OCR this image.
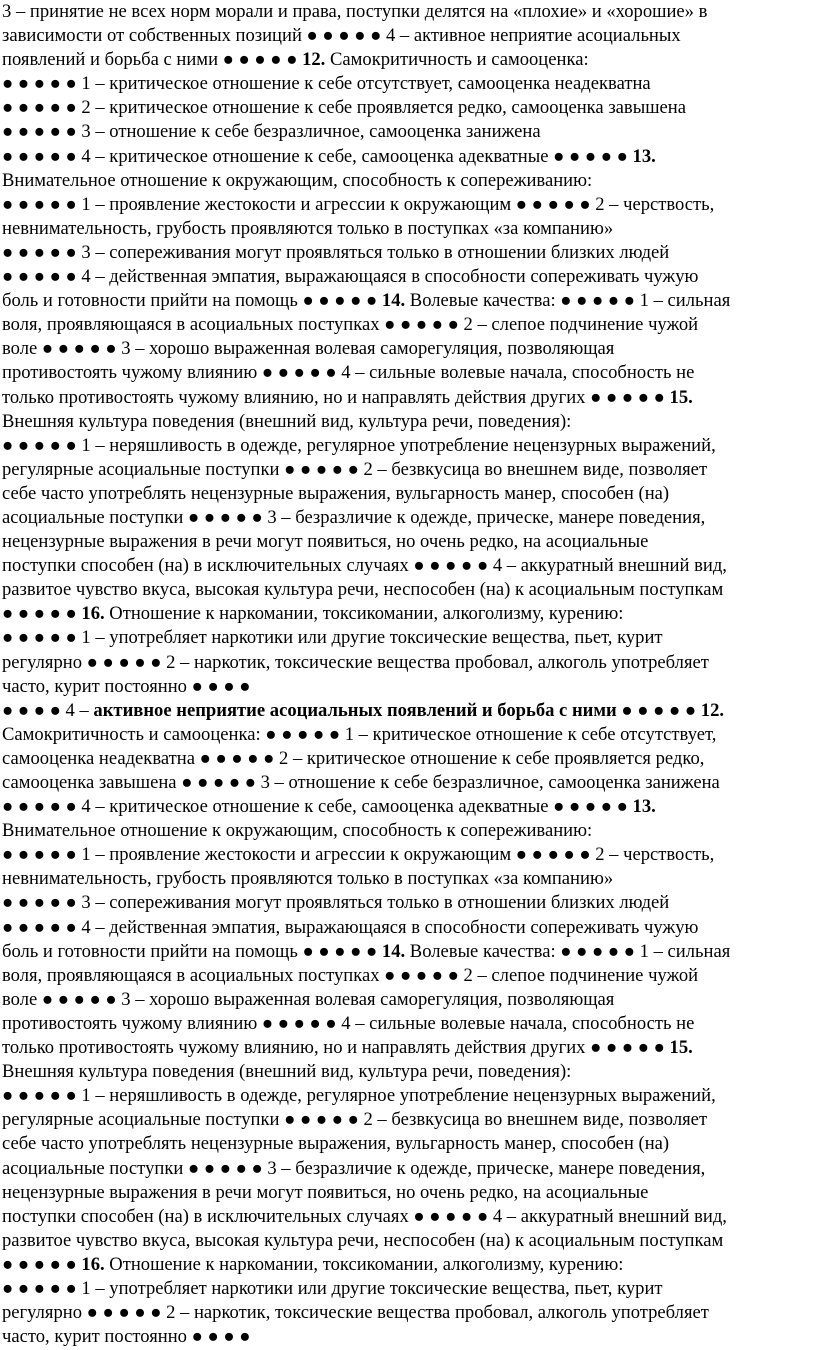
3 – принятие не всех норм морали и права, поступки делятся на «плохие» и «хорошие» в
зависимости от собственных позиций ● ● ● ● ● 4 – активное неприятие асоциальных
появлений и борьба с ними ● ● ● ● ● 12. Самокритичность и самооценка:
● ● ● ● ● 1 – критическое отношение к себе отсутствует, самооценка неадекватна
● ● ● ● ● 2 – критическое отношение к себе проявляется редко, самооценка завышена
● ● ● ● ● 3 – отношение к себе безразличное, самооценка занижена
● ● ● ● ● 4 – критическое отношение к себе, самооценка адекватные ● ● ● ● ● 13.
Внимательное отношение к окружающим, способность к сопереживанию:
● ● ● ● ● 1 – проявление жестокости и агрессии к окружающим ● ● ● ● ● 2 – черствость,
невнимательность, грубость проявляются только в поступках «за компанию»
● ● ● ● ● 3 – сопереживания могут проявляться только в отношении близких людей
● ● ● ● ● 4 – действенная эмпатия, выражающаяся в способности сопереживать чужую
боль и готовности прийти на помощь ● ● ● ● ● 14. Волевые качества: ● ● ● ● ● 1 – сильная
воля, проявляющаяся в асоциальных поступках ● ● ● ● ● 2 – слепое подчинение чужой
воле ● ● ● ● ● 3 – хорошо выраженная волевая саморегуляция, позволяющая
противостоять чужому влиянию ● ● ● ● ● 4 – сильные волевые начала, способность не
только противостоять чужому влиянию, но и направлять действия других ● ● ● ● ● 15.
Внешняя культура поведения (внешний вид, культура речи, поведения):
● ● ● ● ● 1 – неряшливость в одежде, регулярное употребление нецензурных выражений,
регулярные асоциальные поступки ● ● ● ● ● 2 – безвкусица во внешнем виде, позволяет
себе часто употреблять нецензурные выражения, вульгарность манер, способен (на)
асоциальные поступки ● ● ● ● ● 3 – безразличие к одежде, прическе, манере поведения,
нецензурные выражения в речи могут появиться, но очень редко, на асоциальные
поступки способен (на) в исключительных случаях ● ● ● ● ● 4 – аккуратный внешний вид,
развитое чувство вкуса, высокая культура речи, неспособен (на) к асоциальным поступкам
● ● ● ● ● 16. Отношение к наркомании, токсикомании, алкоголизму, курению:
● ● ● ● ● 1 – употребляет наркотики или другие токсические вещества, пьет, курит
регулярно ● ● ● ● ● 2 – наркотик, токсические вещества пробовал, алкоголь употребляет
часто, курит постоянно ● ● ● ●
● ● ● ● 4 – активное неприятие асоциальных появлений и борьба с ними ● ● ● ● ● 12.
Самокритичность и самооценка: ● ● ● ● ● 1 – критическое отношение к себе отсутствует,
самооценка неадекватна ● ● ● ● ● 2 – критическое отношение к себе проявляется редко,
самооценка завышена ● ● ● ● ● 3 – отношение к себе безразличное, самооценка занижена
● ● ● ● ● 4 – критическое отношение к себе, самооценка адекватные ● ● ● ● ● 13.
Внимательное отношение к окружающим, способность к сопереживанию:
● ● ● ● ● 1 – проявление жестокости и агрессии к окружающим ● ● ● ● ● 2 – черствость,
невнимательность, грубость проявляются только в поступках «за компанию»
● ● ● ● ● 3 – сопереживания могут проявляться только в отношении близких людей
● ● ● ● ● 4 – действенная эмпатия, выражающаяся в способности сопереживать чужую
боль и готовности прийти на помощь ● ● ● ● ● 14. Волевые качества: ● ● ● ● ● 1 – сильная
воля, проявляющаяся в асоциальных поступках ● ● ● ● ● 2 – слепое подчинение чужой
воле ● ● ● ● ● 3 – хорошо выраженная волевая саморегуляция, позволяющая
противостоять чужому влиянию ● ● ● ● ● 4 – сильные волевые начала, способность не
только противостоять чужому влиянию, но и направлять действия других ● ● ● ● ● 15.
Внешняя культура поведения (внешний вид, культура речи, поведения):
● ● ● ● ● 1 – неряшливость в одежде, регулярное употребление нецензурных выражений,
регулярные асоциальные поступки ● ● ● ● ● 2 – безвкусица во внешнем виде, позволяет
себе часто употреблять нецензурные выражения, вульгарность манер, способен (на)
асоциальные поступки ● ● ● ● ● 3 – безразличие к одежде, прическе, манере поведения,
нецензурные выражения в речи могут появиться, но очень редко, на асоциальные
поступки способен (на) в исключительных случаях ● ● ● ● ● 4 – аккуратный внешний вид,
развитое чувство вкуса, высокая культура речи, неспособен (на) к асоциальным поступкам
● ● ● ● ● 16. Отношение к наркомании, токсикомании, алкоголизму, курению:
● ● ● ● ● 1 – употребляет наркотики или другие токсические вещества, пьет, курит
регулярно ● ● ● ● ● 2 – наркотик, токсические вещества пробовал, алкоголь употребляет
часто, курит постоянно ● ● ● ●
